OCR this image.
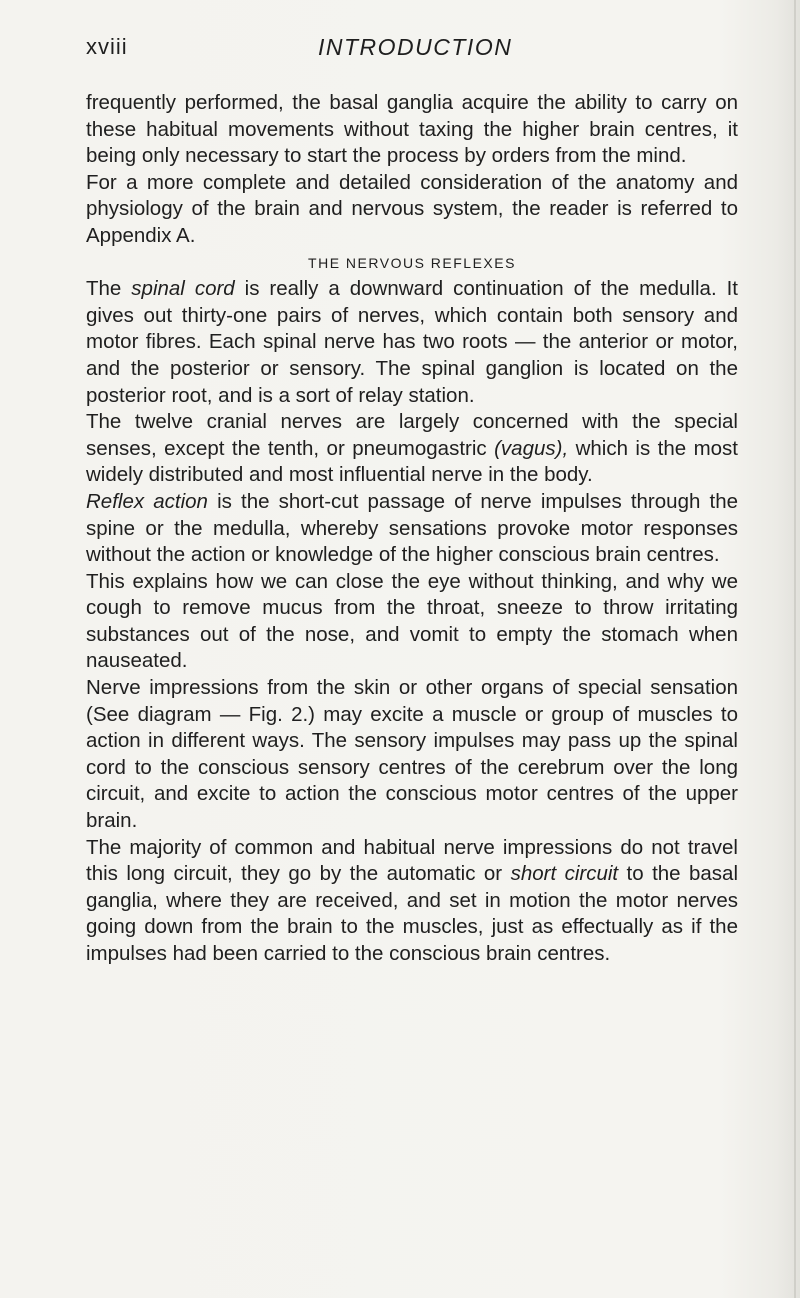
xviii	INTRODUCTION

frequently performed, the basal ganglia acquire the ability to carry on these habitual movements without taxing the higher brain centres, it being only necessary to start the process by orders from the mind.

For a more complete and detailed consideration of the anatomy and physiology of the brain and nervous system, the reader is referred to Appendix A.

THE NERVOUS REFLEXES

The spinal cord is really a downward continuation of the medulla. It gives out thirty-one pairs of nerves, which contain both sensory and motor fibres. Each spinal nerve has two roots — the anterior or motor, and the posterior or sensory. The spinal ganglion is located on the posterior root, and is a sort of relay station.

The twelve cranial nerves are largely concerned with the special senses, except the tenth, or pneumogastric (vagus), which is the most widely distributed and most influential nerve in the body.

Reflex action is the short-cut passage of nerve impulses through the spine or the medulla, whereby sensations provoke motor responses without the action or knowledge of the higher conscious brain centres.

This explains how we can close the eye without thinking, and why we cough to remove mucus from the throat, sneeze to throw irritating substances out of the nose, and vomit to empty the stomach when nauseated.

Nerve impressions from the skin or other organs of special sensation (See diagram — Fig. 2.) may excite a muscle or group of muscles to action in different ways. The sensory impulses may pass up the spinal cord to the conscious sensory centres of the cerebrum over the long circuit, and excite to action the conscious motor centres of the upper brain.

The majority of common and habitual nerve impressions do not travel this long circuit, they go by the automatic or short circuit to the basal ganglia, where they are received, and set in motion the motor nerves going down from the brain to the muscles, just as effectually as if the impulses had been carried to the conscious brain centres.
